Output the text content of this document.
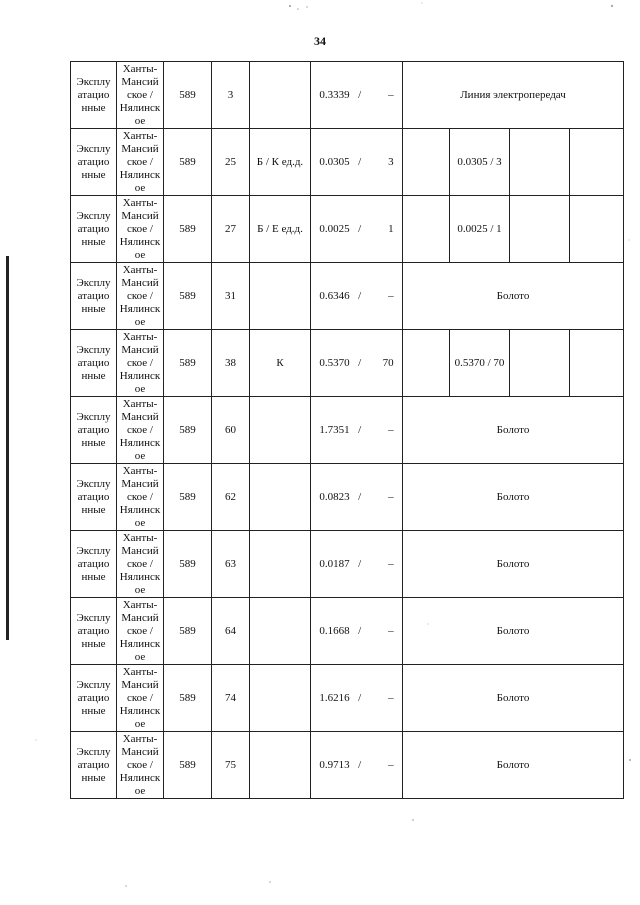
34
Эксплу атацио нные	Ханты-Мансий ское / Нялинск ое	589	3		0.3339 / –	Линия электропередач
Эксплу атацио нные	Ханты-Мансий ское / Нялинск ое	589	25	Б / К ед.д.	0.0305 / 3	0.0305 / 3

Эксплу атацио нные	Ханты-Мансий ское / Нялинск ое	589	27	Б / Е ед.д.	0.0025 / 1	0.0025 / 1

Эксплу атацио нные	Ханты-Мансий ское / Нялинск ое	589	31		0.6346 / –	Болото
Эксплу атацио нные	Ханты-Мансий ское / Нялинск ое	589	38	К	0.5370 / 70	0.5370 / 70

Эксплу атацио нные	Ханты-Мансий ское / Нялинск ое	589	60		1.7351 / –	Болото
Эксплу атацио нные	Ханты-Мансий ское / Нялинск ое	589	62		0.0823 / –	Болото
Эксплу атацио нные	Ханты-Мансий ское / Нялинск ое	589	63		0.0187 / –	Болото
Эксплу атацио нные	Ханты-Мансий ское / Нялинск ое	589	64		0.1668 / –	Болото
Эксплу атацио нные	Ханты-Мансий ское / Нялинск ое	589	74		1.6216 / –	Болото
Эксплу атацио нные	Ханты-Мансий ское / Нялинск ое	589	75		0.9713 / –	Болото
